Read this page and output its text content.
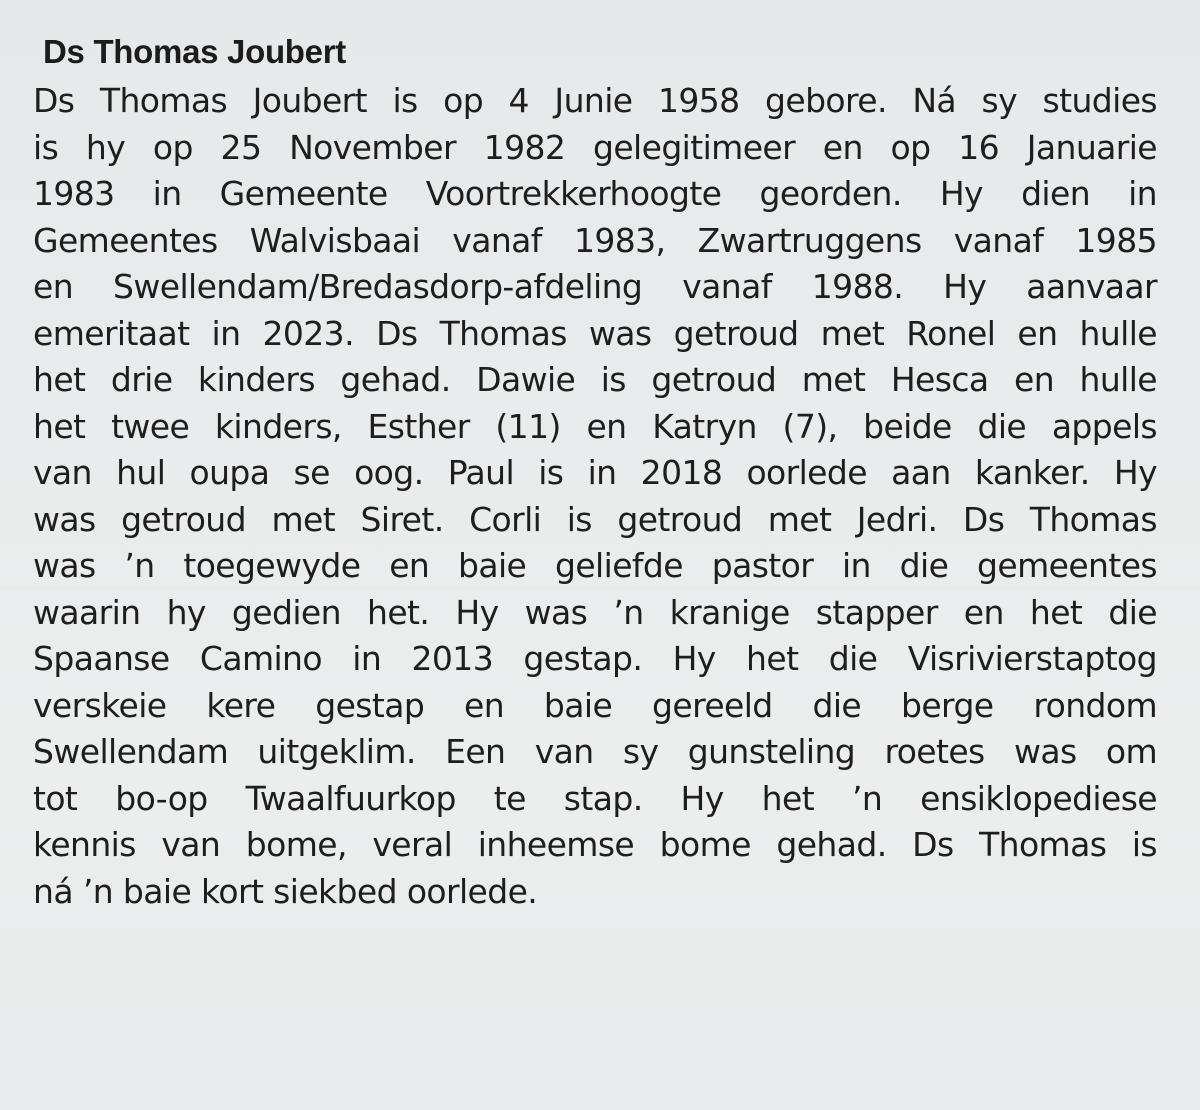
Ds Thomas Joubert
Ds Thomas Joubert is op 4 Junie 1958 gebore. Ná sy studies
is hy op 25 November 1982 gelegitimeer en op 16 Januarie
1983 in Gemeente Voortrekkerhoogte georden. Hy dien in
Gemeentes Walvisbaai vanaf 1983, Zwartruggens vanaf 1985
en Swellendam/Bredasdorp-afdeling vanaf 1988. Hy aanvaar
emeritaat in 2023. Ds Thomas was getroud met Ronel en hulle
het drie kinders gehad. Dawie is getroud met Hesca en hulle
het twee kinders, Esther (11) en Katryn (7), beide die appels
van hul oupa se oog. Paul is in 2018 oorlede aan kanker. Hy
was getroud met Siret. Corli is getroud met Jedri. Ds Thomas
was ’n toegewyde en baie geliefde pastor in die gemeentes
waarin hy gedien het. Hy was ’n kranige stapper en het die
Spaanse Camino in 2013 gestap. Hy het die Visrivierstaptog
verskeie kere gestap en baie gereeld die berge rondom
Swellendam uitgeklim. Een van sy gunsteling roetes was om
tot bo-op Twaalfuurkop te stap. Hy het ’n ensiklopediese
kennis van bome, veral inheemse bome gehad. Ds Thomas is
ná ’n baie kort siekbed oorlede.
